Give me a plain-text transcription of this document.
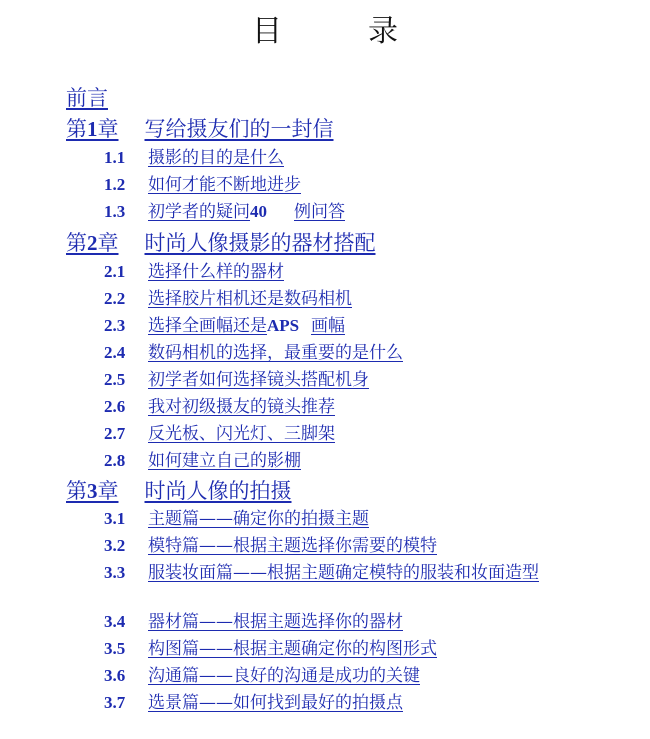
目　录
前言
第1章 写给摄友们的一封信
1.1 摄影的目的是什么
1.2 如何才能不断地进步
1.3 初学者的疑问40 例问答
第2章 时尚人像摄影的器材搭配
2.1 选择什么样的器材
2.2 选择胶片相机还是数码相机
2.3 选择全画幅还是APS 画幅
2.4 数码相机的选择，最重要的是什么
2.5 初学者如何选择镜头搭配机身
2.6 我对初级摄友的镜头推荐
2.7 反光板、闪光灯、三脚架
2.8 如何建立自己的影棚
第3章 时尚人像的拍摄
3.1 主题篇——确定你的拍摄主题
3.2 模特篇——根据主题选择你需要的模特
3.3 服装妆面篇——根据主题确定模特的服装和妆面造型
3.4 器材篇——根据主题选择你的器材
3.5 构图篇——根据主题确定你的构图形式
3.6 沟通篇——良好的沟通是成功的关键
3.7 选景篇——如何找到最好的拍摄点
